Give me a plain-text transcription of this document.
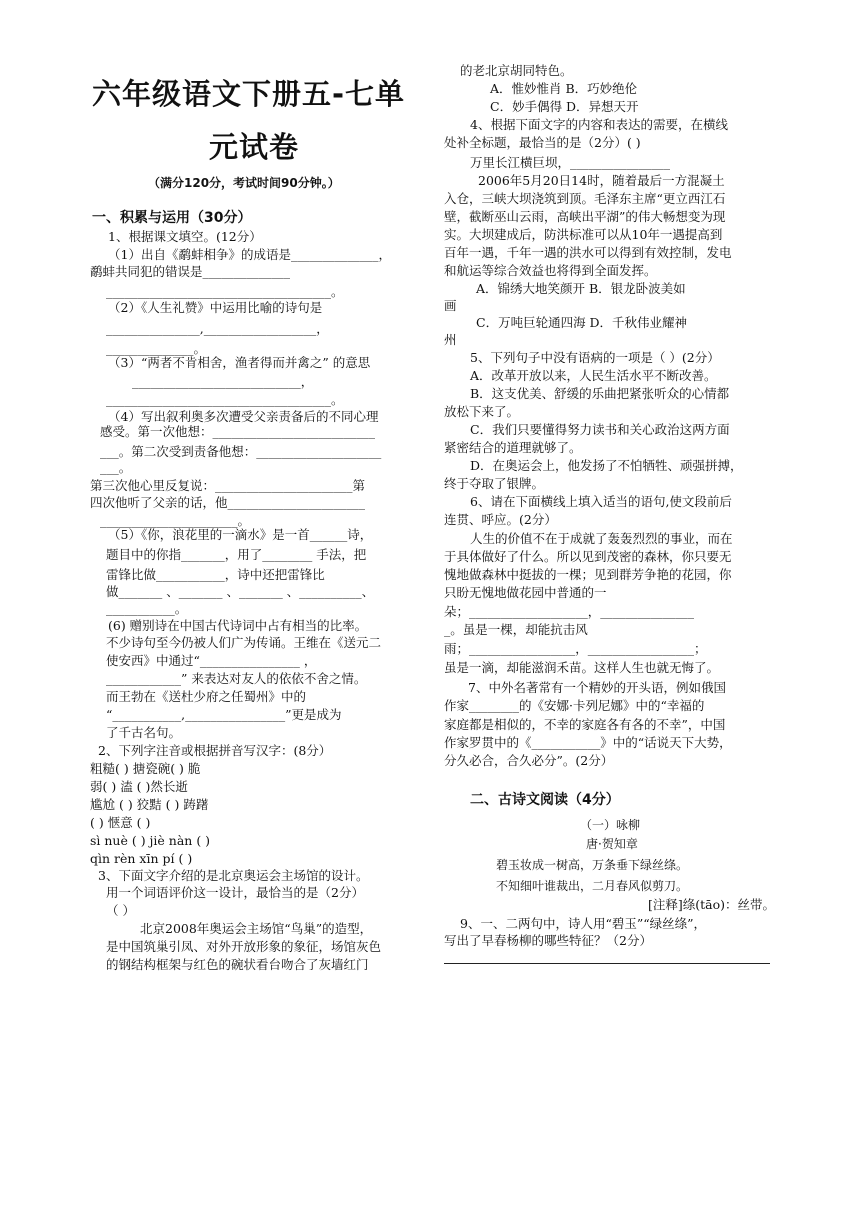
六年级语文下册五-七单
元试卷
（满分120分，考试时间90分钟。）
一、积累与运用（30分）
1、根据课文填空。(12分）
（1）出自《鹬蚌相争》的成语是______________，
鹬蚌共同犯的错误是______________
____________________________________。
（2）《人生礼赞》中运用比喻的诗句是
_______________,__________________，
______________。
（3）“两者不肯相舍，渔者得而并禽之” 的意思
___________________________，
____________________________________。
（4）写出叙利奥多次遭受父亲责备后的不同心理
感受。第一次他想：__________________________
___。第二次受到责备他想：____________________
___。
第三次他心里反复说：______________________第
四次他听了父亲的话，他______________________
______________________。
（5）《你，浪花里的一滴水》是一首______诗，
题目中的你指_______，用了________ 手法，把
雷锋比做___________，诗中还把雷锋比
做_______ 、_______ 、_______ 、__________、
___________。
(6) 赠别诗在中国古代诗词中占有相当的比率。
不少诗句至今仍被人们广为传诵。王维在《送元二
使安西》中通过“________________ ，
____________” 来表达对友人的依依不舍之情。
而王勃在《送杜少府之任蜀州》中的
“___________,________________”更是成为
了千古名句。
2、下列字注音或根据拼音写汉字：(8分）
粗糙( ) 搪瓷碗( ) 脆
弱( ) 溘 ( )然长逝
尴尬 ( ) 狡黠 ( ) 踌躇
( ) 惬意 ( )
sì nuè ( ) jiè nàn ( )
qìn rèn xīn pí ( )
3、下面文字介绍的是北京奥运会主场馆的设计。
用一个词语评价这一设计，最恰当的是（2分）
（ ）
北京2008年奥运会主场馆“鸟巢”的造型，
是中国筑巢引凤、对外开放形象的象征，场馆灰色
的钢结构框架与红色的碗状看台吻合了灰墙红门
的老北京胡同特色。
A．惟妙惟肖 B．巧妙绝伦
C．妙手偶得 D．异想天开
4、根据下面文字的内容和表达的需要，在横线
处补全标题，最恰当的是（2分）( )
万里长江横巨坝，________________
2006年5月20日14时，随着最后一方混凝土
入仓，三峡大坝浇筑到顶。毛泽东主席“更立西江石
壁，截断巫山云雨，高峡出平湖”的伟大畅想变为现
实。大坝建成后，防洪标准可以从10年一遇提高到
百年一遇，千年一遇的洪水可以得到有效控制，发电
和航运等综合效益也将得到全面发挥。
A．锦绣大地笑颜开 B．银龙卧波美如
画
C．万吨巨轮通四海 D．千秋伟业耀神
州
5、下列句子中没有语病的一项是（ ）(2分）
A．改革开放以来，人民生活水平不断改善。
B．这支优美、舒缓的乐曲把紧张听众的心情都
放松下来了。
C．我们只要懂得努力读书和关心政治这两方面
紧密结合的道理就够了。
D．在奥运会上，他发扬了不怕牺牲、顽强拼搏，
终于夺取了银牌。
6、请在下面横线上填入适当的语句,使文段前后
连贯、呼应。(2分）
人生的价值不在于成就了轰轰烈烈的事业，而在
于具体做好了什么。所以见到茂密的森林，你只要无
愧地做森林中挺拔的一棵；见到群芳争艳的花园，你
只盼无愧地做花园中普通的一
朵；___________________，_______________
_。虽是一棵，却能抗击风
雨；_________________，_________________；
虽是一滴，却能滋润禾苗。这样人生也就无悔了。
7、中外名著常有一个精妙的开头语，例如俄国
作家________的《安娜·卡列尼娜》中的“幸福的
家庭都是相似的，不幸的家庭各有各的不幸”，中国
作家罗贯中的《___________》中的“话说天下大势，
分久必合，合久必分”。(2分）
二、古诗文阅读（4分）
（一）咏柳
唐·贺知章
碧玉妆成一树高，万条垂下绿丝绦。
不知细叶谁裁出，二月春风似剪刀。
[注释]绦(tāo)：丝带。
9、一、二两句中，诗人用“碧玉”“绿丝绦”，
写出了早春杨柳的哪些特征？（2分）
